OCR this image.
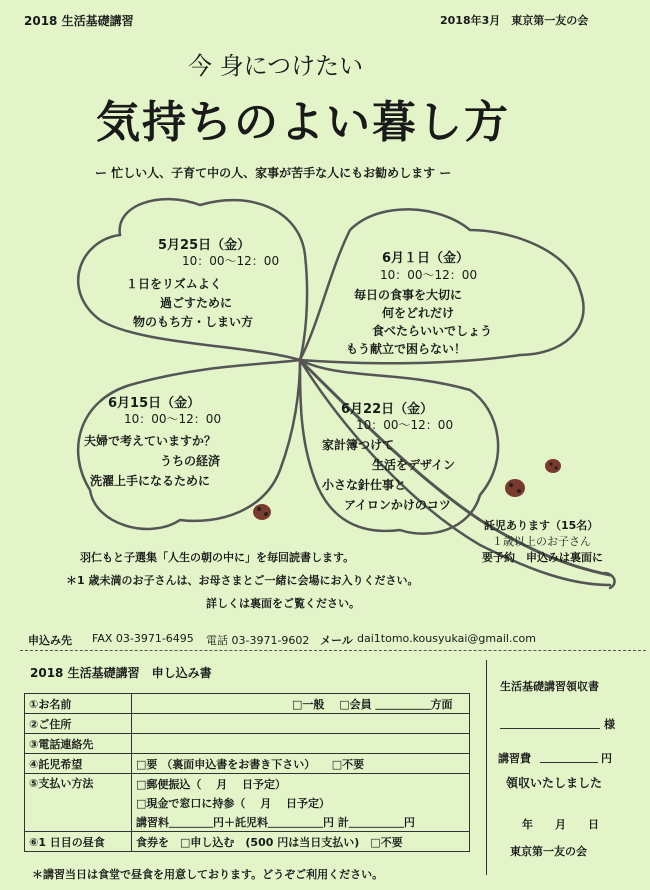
2018 生活基礎講習	2018年3月　東京第一友の会
今 身につけたい
気持ちのよい暮し方
ー 忙しい人、子育て中の人、家事が苦手な人にもお勧めします ー
5月25日（金）
10：00〜12：00
１日をリズムよく
過ごすために
物のもち方・しまい方
6月１日（金）
10：00〜12：00
毎日の食事を大切に
何をどれだけ
食べたらいいでしょう
もう献立で困らない！
6月15日（金）
10：00〜12：00
夫婦で考えていますか？
うちの経済
洗濯上手になるために
6月22日（金）
10：00〜12：00
家計簿つけて
生活をデザイン
小さな針仕事と
アイロンかけのコツ
託児あります（15名）
１歳以上のお子さん
要予約　申込みは裏面に
羽仁もと子選集「人生の朝の中に」を毎回読書します。
＊1 歳未満のお子さんは、お母さまとご一緒に会場にお入りください。
詳しくは裏面をご覧ください。
申込み先 FAX 03-3971-6495 電話 03-3971-9602 メール dai1tomo.kousyukai@gmail.com
2018 生活基礎講習　申し込み書
①お名前	□一般　 □会員 ＿＿＿＿＿方面
②ご住所	
③電話連絡先	
④託児希望	□要 （裏面申込書をお書き下さい）　　□不要
⑤支払い方法	□郵便振込（　 月　 日予定）
	□現金で窓口に持参（　 月　 日予定）
	講習料＿＿＿＿円＋託児料＿＿＿＿＿円 計＿＿＿＿＿円
⑥1 日目の昼食	食券を　□申し込む　(500 円は当日支払い)　□不要
＊講習当日は食堂で昼食を用意しております。どうぞご利用ください。
生活基礎講習領収書
様
講習費	円
領収いたしました
年　　月　　日
東京第一友の会
